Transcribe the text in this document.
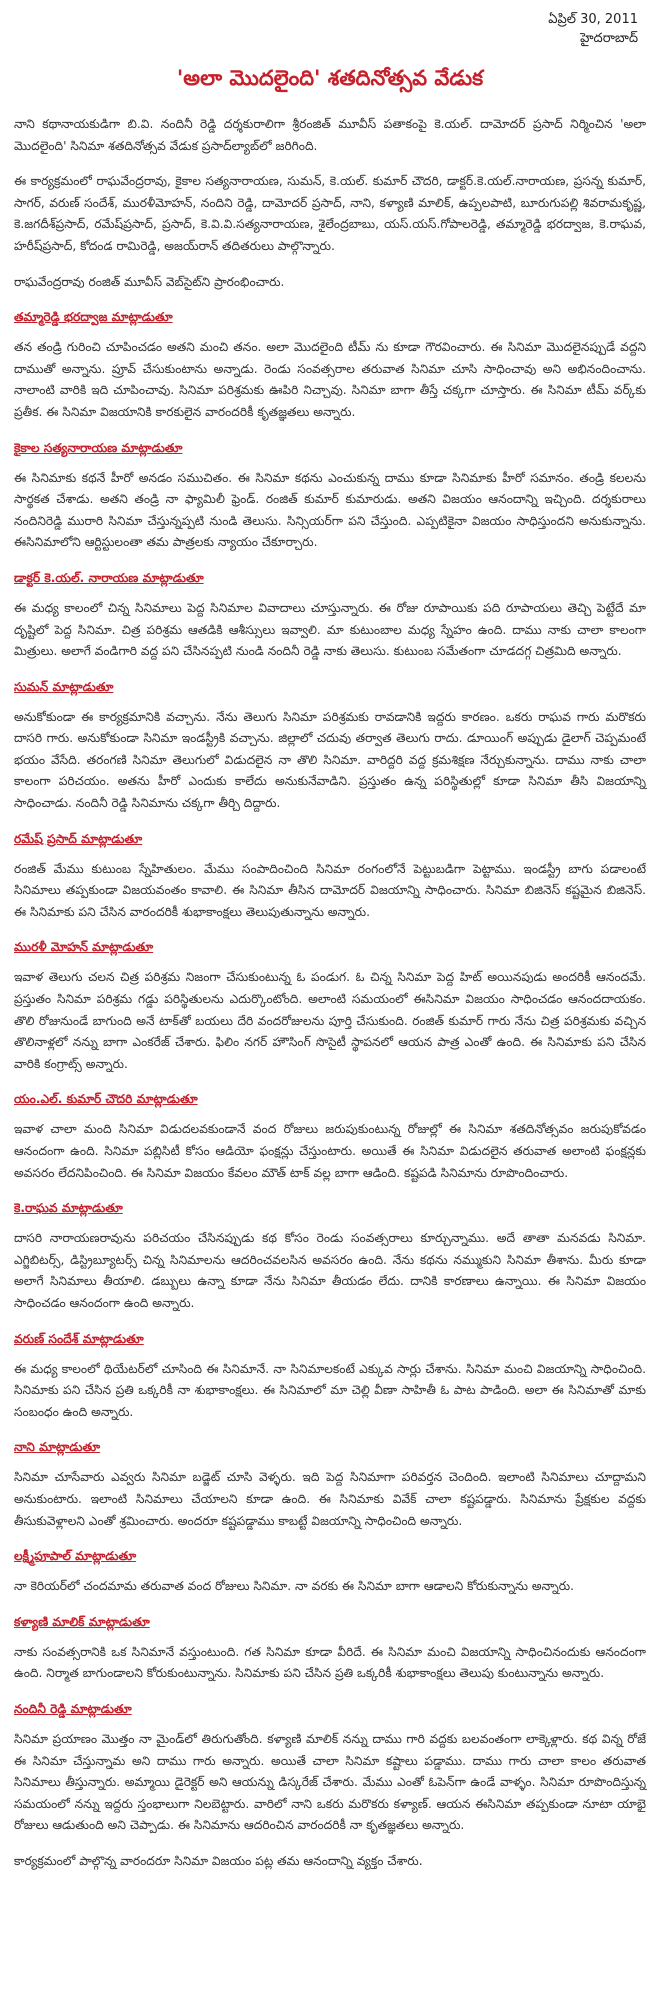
ఏప్రిల్ 30, 2011
హైదరాబాద్
'అలా మొదలైంది' శతదినోత్సవ వేడుక

నాని కథానాయకుడిగా బి.వి. నందినీ రెడ్డి దర్శకురాలిగా శ్రీరంజిత్ మూవీస్ పతాకంపై కె.యల్. దామోదర్ ప్రసాద్ నిర్మించిన 'అలా మొదలైంది' సినిమా శతదినోత్సవ వేడుక ప్రసాద్‌ల్యాబ్‌లో జరిగింది.

ఈ కార్యక్రమంలో రాఘవేంద్రరావు, కైకాల సత్యనారాయణ, సుమన్, కె.యల్. కుమార్ చౌదరి, డాక్టర్.కె.యల్.నారాయణ, ప్రసన్న కుమార్, సాగర్, వరుణ్ సందేశ్, మురళీమోహన్, నందిని రెడ్డి, దామోదర్ ప్రసాద్, నాని, కళ్యాణి మాలిక్, ఉప్పలపాటి, బూరుగుపల్లి శివరామకృష్ణ, కె.జగదీశ్‌ప్రసాద్, రమేష్‌ప్రసాద్, ప్రసాద్, కె.వి.వి.సత్యనారాయణ, శైలేంద్రబాబు, యస్.యస్.గోపాలరెడ్డి, తమ్మారెడ్డి భరద్వాజ, కె.రాఘవ, హరీష్‌ప్రసాద్, కోదండ రామిరెడ్డి, అజయ్‌రాన్ తదితరులు పాల్గొన్నారు.

రాఘవేంద్రరావు రంజిత్ మూవీస్ వెబ్‌సైట్‌ని ప్రారంభించారు.

తమ్మారెడ్డి భరద్వాజ మాట్లాడుతూ

తన తండ్రి గురించి చూపించడం అతని మంచి తనం. అలా మొదలైంది టీమ్ ను కూడా గౌరవించారు. ఈ సినిమా మొదలైనప్పుడే వద్దని దాముతో అన్నాను. ప్రూవ్ చేసుకుంటాను అన్నాడు. రెండు సంవత్సరాల తరువాత సినిమా చూసి సాధించావు అని అభినందించాను. నాలాంటి వారికి ఇది చూపించావు. సినిమా పరిశ్రమకు ఊపిరి నిచ్చావు. సినిమా బాగా తీస్తే చక్కగా చూస్తారు. ఈ సినిమా టీమ్ వర్క్‌కు ప్రతీక. ఈ సినిమా విజయానికి కారకులైన వారందరికీ కృతజ్ఞతలు అన్నారు.

కైకాల సత్యనారాయణ మాట్లాడుతూ

ఈ సినిమాకు కథనే హీరో అనడం సముచితం. ఈ సినిమా కథను ఎంచుకున్న దాము కూడా సినిమాకు హీరో సమానం. తండ్రి కలలను సార్థకత చేశాడు. అతని తండ్రి నా ఫ్యామిలీ ఫ్రెండ్. రంజిత్ కుమార్ కుమారుడు. అతని విజయం ఆనందాన్ని ఇచ్చింది. దర్శకురాలు నందినిరెడ్డి మురారి సినిమా చేస్తున్నప్పటి నుండి తెలుసు. సిన్సియర్‌గా పని చేస్తుంది. ఎప్పటికైనా విజయం సాధిస్తుందని అనుకున్నాను. ఈసినిమాలోని ఆర్టిస్టులంతా తమ పాత్రలకు న్యాయం చేకూర్చారు.

డాక్టర్ కె.యల్. నారాయణ మాట్లాడుతూ

ఈ మధ్య కాలంలో చిన్న సినిమాలు పెద్ద సినిమాల వివాదాలు చూస్తున్నారు. ఈ రోజు రూపాయికు పది రూపాయలు తెచ్చి పెట్టేదే మా దృష్టిలో పెద్ద సినిమా. చిత్ర పరిశ్రమ ఆతడికి ఆశీస్సులు ఇవ్వాలి. మా కుటుంబాల మధ్య స్నేహం ఉంది. దాము నాకు చాలా కాలంగా మిత్రులు. అలాగే వండిగారి వద్ద పని చేసినప్పటి నుండి నందినీ రెడ్డి నాకు తెలుసు. కుటుంబ సమేతంగా చూడదగ్గ చిత్రమిది అన్నారు.

సుమన్ మాట్లాడుతూ

అనుకోకుండా ఈ కార్యక్రమానికి వచ్చాను. నేను తెలుగు సినిమా పరిశ్రమకు రావడానికి ఇద్దరు కారణం. ఒకరు రాఘవ గారు మరొకరు దాసరి గారు. అనుకోకుండా సినిమా ఇండస్ట్రీకి వచ్చాను. జిల్లాలో చదువు తర్వాత తెలుగు రాదు. డూయింగ్ అప్పుడు డైలాగ్ చెప్పమంటే భయం వేసేది. తరంగణి సినిమా తెలుగులో విడుదలైన నా తొలి సినిమా. వారిద్దరి వద్ద క్రమశిక్షణ నేర్చుకున్నాను. దాము నాకు చాలా కాలంగా పరిచయం. అతను హీరో ఎందుకు కాలేదు అనుకునేవాడిని. ప్రస్తుతం ఉన్న పరిస్థితుల్లో కూడా సినిమా తీసి విజయాన్ని సాధించాడు. నందినీ రెడ్డి సినిమాను చక్కగా తీర్చి దిద్దారు.

రమేష్ ప్రసాద్ మాట్లాడుతూ

రంజిత్ మేము కుటుంబ స్నేహితులం. మేము సంపాదించింది సినిమా రంగంలోనే పెట్టుబడిగా పెట్టాము. ఇండస్ట్రీ బాగు పడాలంటే సినిమాలు తప్పకుండా విజయవంతం కావాలి. ఈ సినిమా తీసిన దామోదర్ విజయాన్ని సాధించారు. సినిమా బిజినెస్ కష్టమైన బిజినెస్. ఈ సినిమాకు పని చేసిన వారందరికీ శుభాకాంక్షలు తెలుపుతున్నాను అన్నారు.

మురళీ మోహన్ మాట్లాడుతూ

ఇవాళ తెలుగు చలన చిత్ర పరిశ్రమ నిజంగా చేసుకుంటున్న ఓ పండుగ. ఓ చిన్న సినిమా పెద్ద హిట్ అయినపుడు అందరికీ ఆనందమే. ప్రస్తుతం సినిమా పరిశ్రమ గడ్డు పరిస్థితులను ఎదుర్కొంటోంది. అలాంటి సమయంలో ఈసినిమా విజయం సాధించడం ఆనందదాయకం. తొలి రోజునుండే బాగుంది అనే టాక్‌తో బయలు దేరి వందరోజులను పూర్తి చేసుకుంది. రంజిత్ కుమార్ గారు నేను చిత్ర పరిశ్రమకు వచ్చిన తొలినాళ్లలో నన్ను బాగా ఎంకరేజ్ చేశారు. ఫిలిం నగర్ హౌసింగ్ సొసైటీ స్థాపనలో ఆయన పాత్ర ఎంతో ఉంది. ఈ సినిమాకు పని చేసిన వారికి కంగ్రాట్స్ అన్నారు.

యం.ఎల్. కుమార్ చౌదరి మాట్లాడుతూ

ఇవాళ చాలా మంది సినిమా విడుదలవకుండానే వంద రోజులు జరుపుకుంటున్న రోజుల్లో ఈ సినిమా శతదినోత్సవం జరుపుకోవడం ఆనందంగా ఉంది. సినిమా పబ్లిసిటీ కోసం ఆడియో ఫంక్షన్లు చేస్తుంటారు. అయితే ఈ సినిమా విడుదలైన తరువాత అలాంటి ఫంక్షన్లకు అవసరం లేదనిపించింది. ఈ సినిమా విజయం కేవలం మౌత్ టాక్ వల్ల బాగా ఆడింది. కష్టపడి సినిమాను రూపొందించారు.

కె.రాఘవ మాట్లాడుతూ

దాసరి నారాయణరావును పరిచయం చేసినప్పుడు కథ కోసం రెండు సంవత్సరాలు కూర్చున్నాము. అదే తాతా మనవడు సినిమా. ఎగ్జిబిటర్స్, డిస్ట్రిబ్యూటర్స్ చిన్న సినిమాలను ఆదరించవలసిన అవసరం ఉంది. నేను కథను నమ్ముకుని సినిమా తీశాను. మీరు కూడా అలాగే సినిమాలు తీయాలి. డబ్బులు ఉన్నా కూడా నేను సినిమా తీయడం లేదు. దానికి కారణాలు ఉన్నాయి. ఈ సినిమా విజయం సాధించడం ఆనందంగా ఉంది అన్నారు.

వరుణ్ సందేశ్ మాట్లాడుతూ

ఈ మధ్య కాలంలో థియేటర్‌లో చూసింది ఈ సినిమానే. నా సినిమాలకంటే ఎక్కువ సార్లు చేశాను. సినిమా మంచి విజయాన్ని సాధించింది. సినిమాకు పని చేసిన ప్రతి ఒక్కరికీ నా శుభాకాంక్షలు. ఈ సినిమాలో మా చెల్లి వీణా సాహితీ ఓ పాట పాడింది. అలా ఈ సినిమాతో మాకు సంబంధం ఉంది అన్నారు.

నాని మాట్లాడుతూ

సినిమా చూసేవారు ఎవ్వరు సినిమా బడ్జెట్ చూసి వెళ్ళరు. ఇది పెద్ద సినిమాగా పరివర్తన చెందింది. ఇలాంటి సినిమాలు చూద్దామని అనుకుంటారు. ఇలాంటి సినిమాలు చేయాలని కూడా ఉంది. ఈ సినిమాకు వివేక్ చాలా కష్టపడ్డారు. సినిమాను ప్రేక్షకుల వద్దకు తీసుకువెళ్లాలని ఎంతో శ్రమించారు. అందరూ కష్టపడ్డాము కాబట్టే విజయాన్ని సాధించింది అన్నారు.

లక్ష్మీపూపాల్ మాట్లాడుతూ

నా కెరియర్‌లో చందమామ తరువాత వంద రోజులు సినిమా. నా వరకు ఈ సినిమా బాగా ఆడాలని కోరుకున్నాను అన్నారు.

కళ్యాణి మాలిక్ మాట్లాడుతూ

నాకు సంవత్సరానికి ఒక సినిమానే వస్తుంటుంది. గత సినిమా కూడా వీరిదే. ఈ సినిమా మంచి విజయాన్ని సాధించినందుకు ఆనందంగా ఉంది. నిర్మాత బాగుండాలని కోరుకుంటున్నాను. సినిమాకు పని చేసిన ప్రతి ఒక్కరికీ శుభాకాంక్షలు తెలుపు కుంటున్నాను అన్నారు.

నందినీ రెడ్డి మాట్లాడుతూ

సినిమా ప్రయాణం మొత్తం నా మైండ్‌లో తిరుగుతోంది. కళ్యాణి మాలిక్ నన్ను దాము గారి వద్దకు బలవంతంగా లాక్కెళ్లారు. కథ విన్న రోజే ఈ సినిమా చేస్తున్నామ అని దాము గారు అన్నారు. అయితే చాలా సినిమా కష్టాలు పడ్డాము. దాము గారు చాలా కాలం తరువాత సినిమాలు తీస్తున్నారు. అమ్మాయి డైరెక్టర్ అని ఆయన్ను డిస్కరేజ్ చేశారు. మేము ఎంతో ఓపెన్‌గా ఉండే వాళ్ళం. సినిమా రూపొందిస్తున్న సమయంలో నన్ను ఇద్దరు స్తంభాలుగా నిలబెట్టారు. వారిలో నాని ఒకరు మరొకరు కళ్యాణ్. ఆయన ఈసినిమా తప్పకుండా నూటా యాభై రోజులు ఆడుతుంది అని చెప్పాడు. ఈ సినిమాను ఆదరించిన వారందరికీ నా కృతజ్ఞతలు అన్నారు.

కార్యక్రమంలో పాల్గొన్న వారందరూ సినిమా విజయం పట్ల తమ ఆనందాన్ని వ్యక్తం చేశారు.
